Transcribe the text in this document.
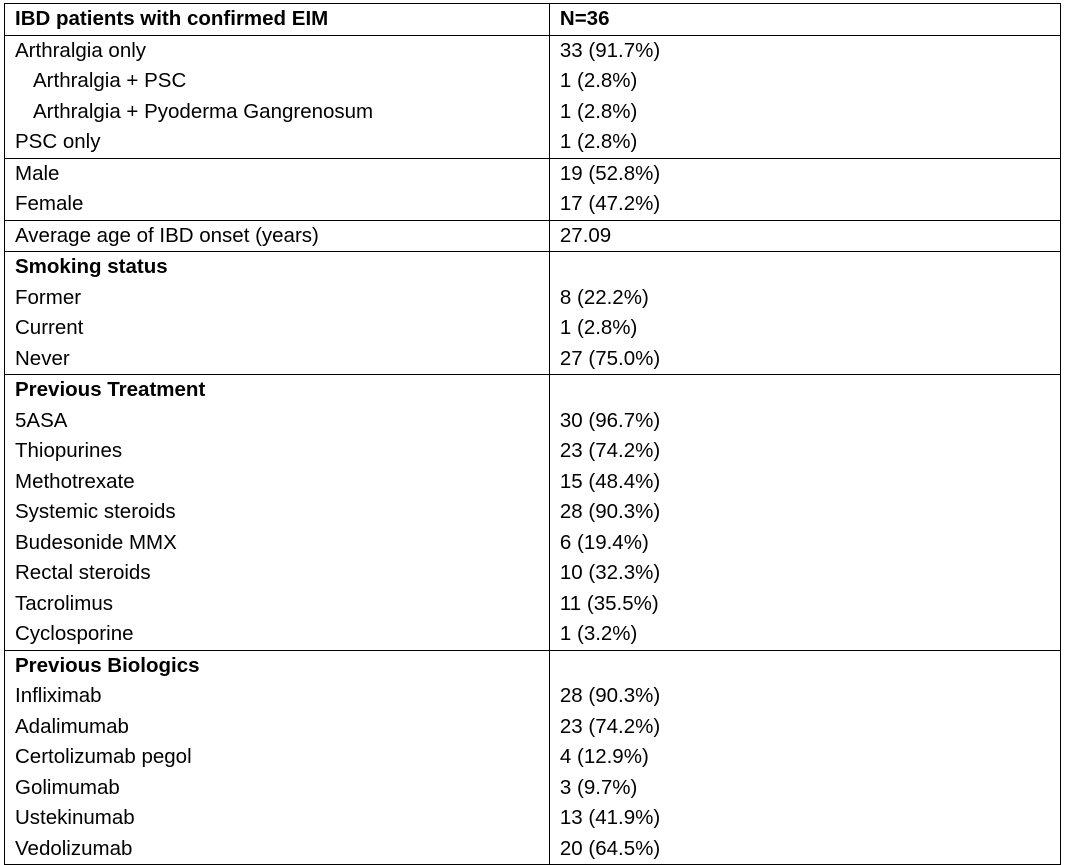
IBD patients with confirmed EIM	N=36
Arthralgia only	33 (91.7%)
Arthralgia + PSC	1 (2.8%)
Arthralgia + Pyoderma Gangrenosum	1 (2.8%)
PSC only	1 (2.8%)
Male	19 (52.8%)
Female	17 (47.2%)
Average age of IBD onset (years)	27.09
Smoking status	
Former	8 (22.2%)
Current	1 (2.8%)
Never	27 (75.0%)
Previous Treatment	
5ASA	30 (96.7%)
Thiopurines	23 (74.2%)
Methotrexate	15 (48.4%)
Systemic steroids	28 (90.3%)
Budesonide MMX	6 (19.4%)
Rectal steroids	10 (32.3%)
Tacrolimus	11 (35.5%)
Cyclosporine	1 (3.2%)
Previous Biologics	
Infliximab	28 (90.3%)
Adalimumab	23 (74.2%)
Certolizumab pegol	4 (12.9%)
Golimumab	3 (9.7%)
Ustekinumab	13 (41.9%)
Vedolizumab	20 (64.5%)
